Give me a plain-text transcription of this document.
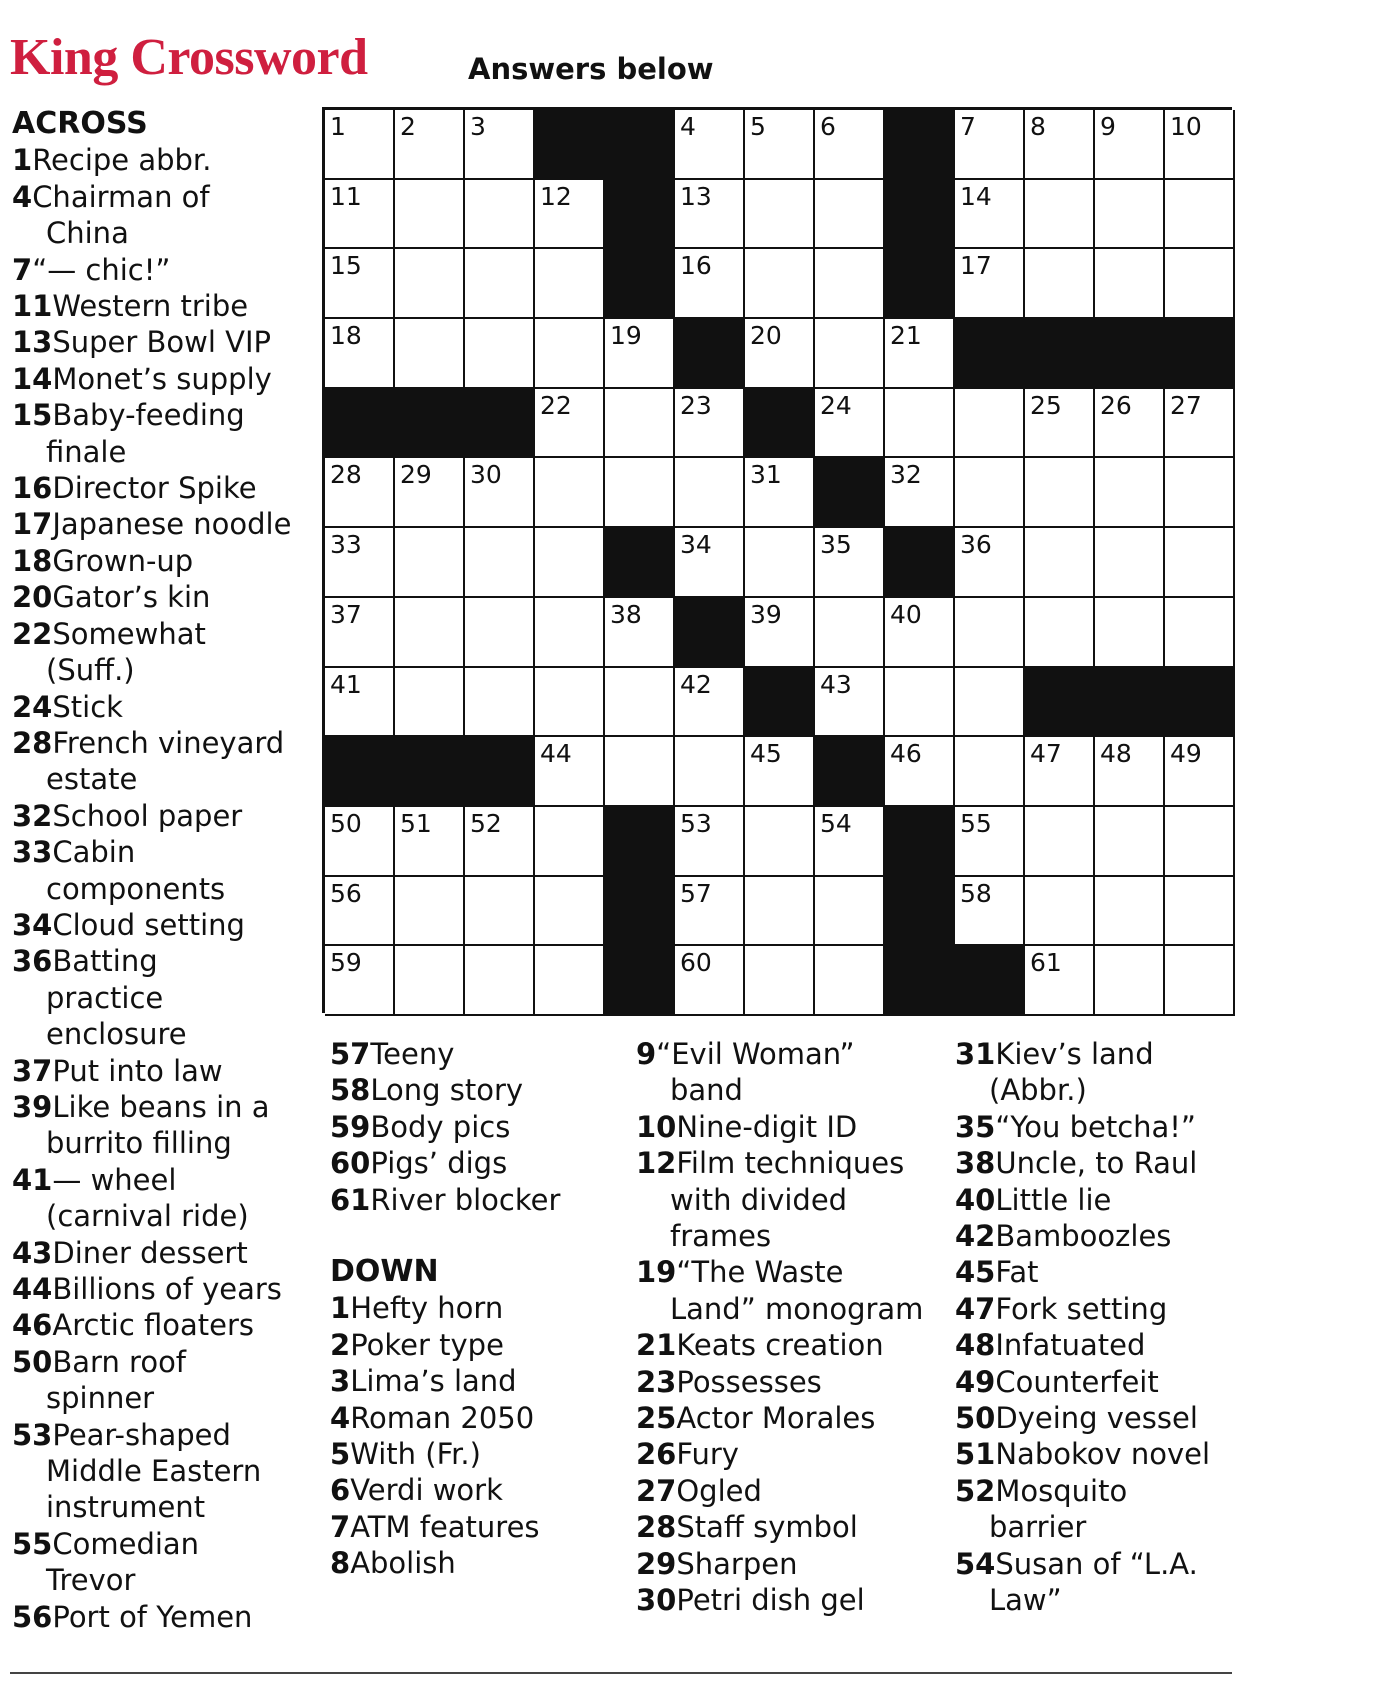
King Crossword	Answers below
1 2 3	4 5 6	7 8 9 10
11	12	13	14
15	16	17
18	19	20	21
22	23	24	25 26 27
28 29 30	31	32
33	34	35	36
37	38	39	40
41	42	43
44	45	46	47 48 49
50 51 52	53	54	55
56	57	58
59	60	61
ACROSS
1Recipe abbr.
4Chairman of
China
7“— chic!”
11Western tribe
13Super Bowl VIP
14Monet’s supply
15Baby-feeding
finale
16Director Spike
17Japanese noodle
18Grown-up
20Gator’s kin
22Somewhat
(Suff.)
24Stick
28French vineyard
estate
32School paper
33Cabin
components
34Cloud setting
36Batting
practice
enclosure
37Put into law
39Like beans in a
burrito filling
41— wheel
(carnival ride)
43Diner dessert
44Billions of years
46Arctic floaters
50Barn roof
spinner
53Pear-shaped
Middle Eastern
instrument
55Comedian
Trevor
56Port of Yemen
57Teeny
58Long story
59Body pics
60Pigs’ digs
61River blocker
DOWN
1Hefty horn
2Poker type
3Lima’s land
4Roman 2050
5With (Fr.)
6Verdi work
7ATM features
8Abolish
9“Evil Woman”
band
10Nine-digit ID
12Film techniques
with divided
frames
19“The Waste
Land” monogram
21Keats creation
23Possesses
25Actor Morales
26Fury
27Ogled
28Staff symbol
29Sharpen
30Petri dish gel
31Kiev’s land
(Abbr.)
35“You betcha!”
38Uncle, to Raul
40Little lie
42Bamboozles
45Fat
47Fork setting
48Infatuated
49Counterfeit
50Dyeing vessel
51Nabokov novel
52Mosquito
barrier
54Susan of “L.A.
Law”
